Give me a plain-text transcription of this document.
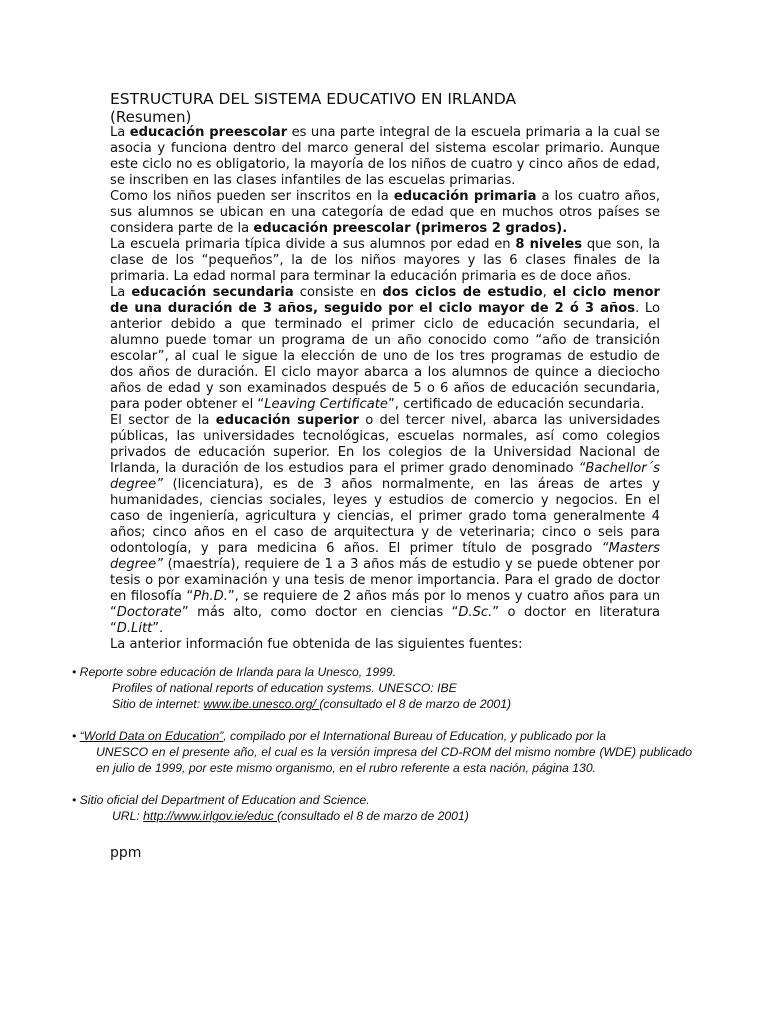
ESTRUCTURA DEL SISTEMA EDUCATIVO EN IRLANDA
(Resumen)

La educación preescolar es una parte integral de la escuela primaria a la cual se asocia y funciona dentro del marco general del sistema escolar primario. Aunque este ciclo no es obligatorio, la mayoría de los niños de cuatro y cinco años de edad, se inscriben en las clases infantiles de las escuelas primarias.

Como los niños pueden ser inscritos en la educación primaria a los cuatro años, sus alumnos se ubican en una categoría de edad que en muchos otros países se considera parte de la educación preescolar (primeros 2 grados).

La escuela primaria típica divide a sus alumnos por edad en 8 niveles que son, la clase de los “pequeños”, la de los niños mayores y las 6 clases finales de la primaria. La edad normal para terminar la educación primaria es de doce años.

La educación secundaria consiste en dos ciclos de estudio, el ciclo menor de una duración de 3 años, seguido por el ciclo mayor de 2 ó 3 años. Lo anterior debido a que terminado el primer ciclo de educación secundaria, el alumno puede tomar un programa de un año conocido como “año de transición escolar”, al cual le sigue la elección de uno de los tres programas de estudio de dos años de duración. El ciclo mayor abarca a los alumnos de quince a dieciocho años de edad y son examinados después de 5 o 6 años de educación secundaria, para poder obtener el “Leaving Certificate”, certificado de educación secundaria.

El sector de la educación superior o del tercer nivel, abarca las universidades públicas, las universidades tecnológicas, escuelas normales, así como colegios privados de educación superior. En los colegios de la Universidad Nacional de Irlanda, la duración de los estudios para el primer grado denominado “Bachellor´s degree” (licenciatura), es de 3 años normalmente, en las áreas de artes y humanidades, ciencias sociales, leyes y estudios de comercio y negocios. En el caso de ingeniería, agricultura y ciencias, el primer grado toma generalmente 4 años; cinco años en el caso de arquitectura y de veterinaria; cinco o seis para odontología, y para medicina 6 años. El primer título de posgrado “Masters degree” (maestría), requiere de 1 a 3 años más de estudio y se puede obtener por tesis o por examinación y una tesis de menor importancia. Para el grado de doctor en filosofía “Ph.D.”, se requiere de 2 años más por lo menos y cuatro años para un “Doctorate” más alto, como doctor en ciencias “D.Sc.” o doctor en literatura “D.Litt”.

La anterior información fue obtenida de las siguientes fuentes:

• Reporte sobre educación de Irlanda para la Unesco, 1999.
Profiles of national reports of education systems. UNESCO: IBE
Sitio de internet: www.ibe.unesco.org/ (consultado el 8 de marzo de 2001)
• “World Data on Education”, compilado por el International Bureau of Education, y publicado por la
UNESCO en el presente año, el cual es la versión impresa del CD-ROM del mismo nombre (WDE) publicado en julio de 1999, por este mismo organismo, en el rubro referente a esta nación, página 130.
• Sitio oficial del Department of Education and Science.
URL: http://www.irlgov.ie/educ (consultado el 8 de marzo de 2001)
ppm
